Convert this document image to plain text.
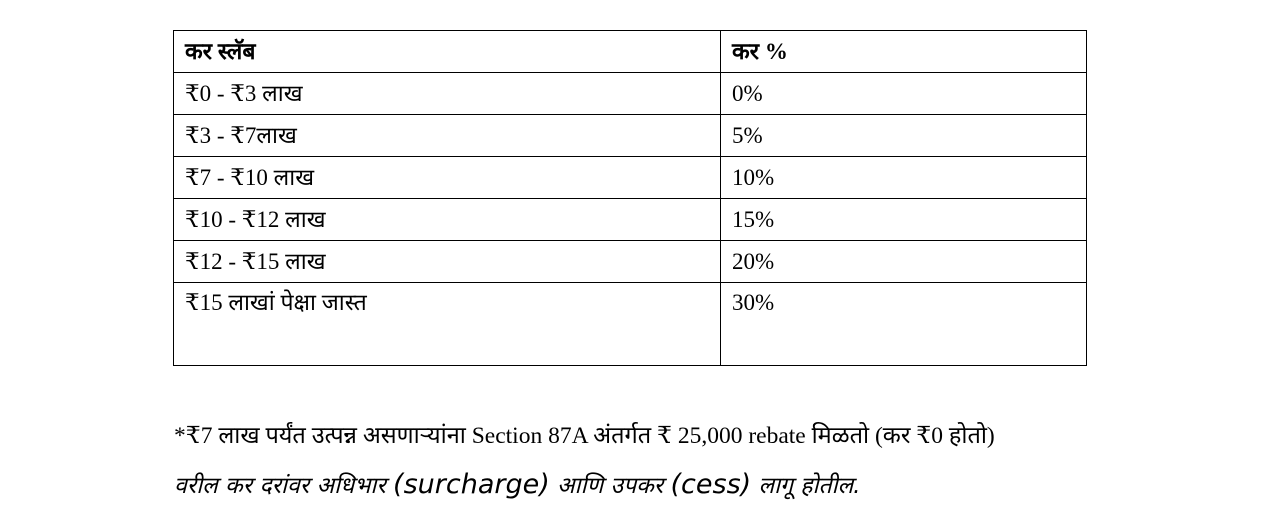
कर स्लॅब	कर %
₹0 - ₹3 लाख	0%
₹3 - ₹7लाख	5%
₹7 - ₹10 लाख	10%
₹10 - ₹12 लाख	15%
₹12 - ₹15 लाख	20%
₹15 लाखां पेक्षा जास्त	30%
*₹7 लाख पर्यंत उत्पन्न असणाऱ्यांना Section 87A अंतर्गत ₹ 25,000 rebate मिळतो (कर ₹0 होतो)
वरील कर दरांवर अधिभार (surcharge) आणि उपकर (cess) लागू होतील.
